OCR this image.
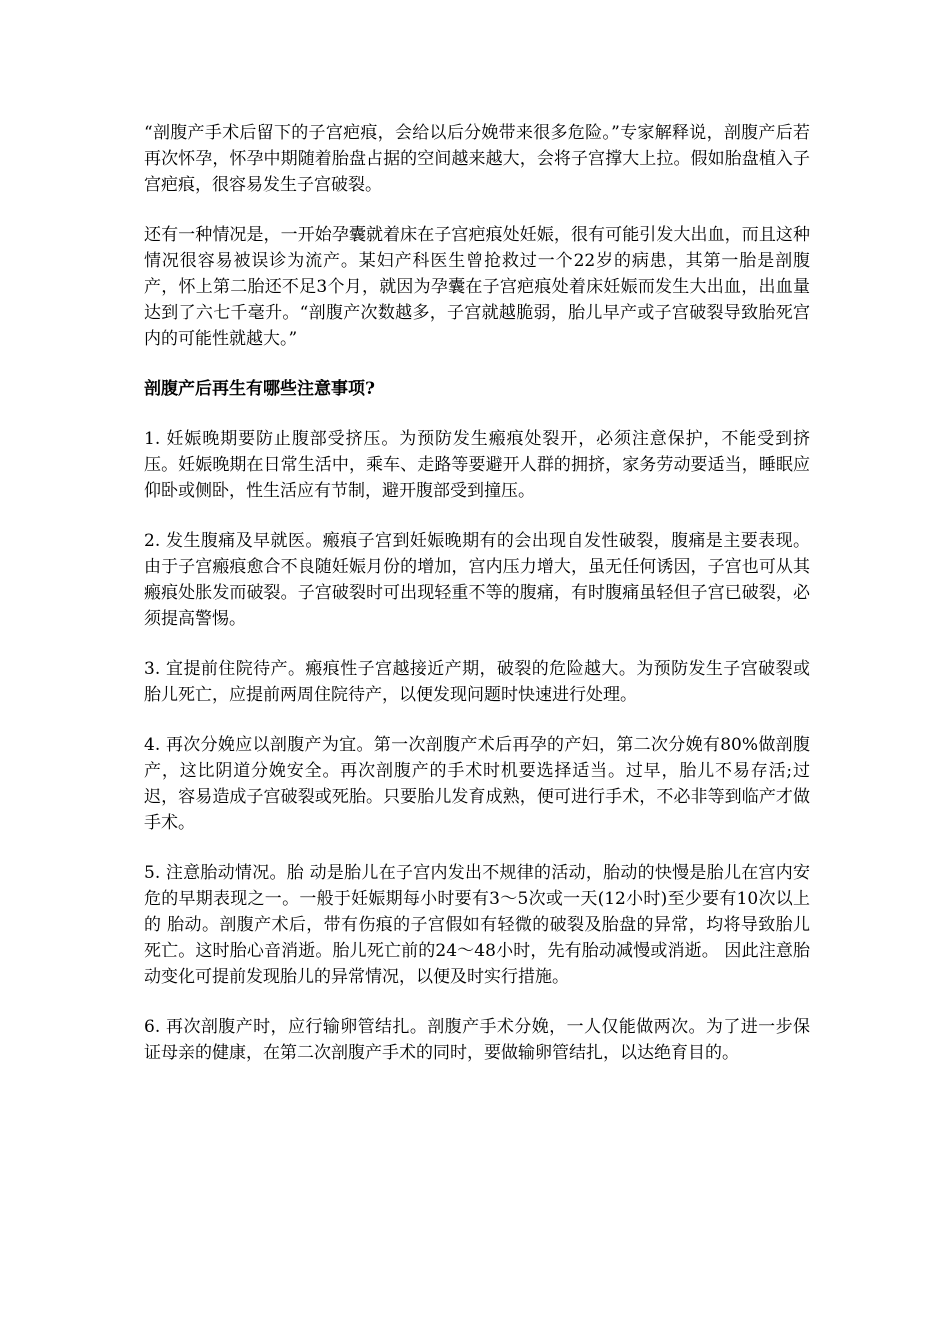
“剖腹产手术后留下的子宫疤痕，会给以后分娩带来很多危险。”专家解释说，剖腹产后若再次怀孕，怀孕中期随着胎盘占据的空间越来越大，会将子宫撑大上拉。假如胎盘植入子宫疤痕，很容易发生子宫破裂。

还有一种情况是，一开始孕囊就着床在子宫疤痕处妊娠，很有可能引发大出血，而且这种情况很容易被误诊为流产。某妇产科医生曾抢救过一个22岁的病患，其第一胎是剖腹产，怀上第二胎还不足3个月，就因为孕囊在子宫疤痕处着床妊娠而发生大出血，出血量达到了六七千毫升。“剖腹产次数越多，子宫就越脆弱，胎儿早产或子宫破裂导致胎死宫内的可能性就越大。”

剖腹产后再生有哪些注意事项?

1. 妊娠晚期要防止腹部受挤压。为预防发生瘢痕处裂开，必须注意保护，不能受到挤压。妊娠晚期在日常生活中，乘车、走路等要避开人群的拥挤，家务劳动要适当，睡眠应仰卧或侧卧，性生活应有节制，避开腹部受到撞压。

2. 发生腹痛及早就医。瘢痕子宫到妊娠晚期有的会出现自发性破裂，腹痛是主要表现。由于子宫瘢痕愈合不良随妊娠月份的增加，宫内压力增大，虽无任何诱因，子宫也可从其瘢痕处胀发而破裂。子宫破裂时可出现轻重不等的腹痛，有时腹痛虽轻但子宫已破裂，必须提高警惕。

3. 宜提前住院待产。瘢痕性子宫越接近产期，破裂的危险越大。为预防发生子宫破裂或胎儿死亡，应提前两周住院待产，以便发现问题时快速进行处理。

4. 再次分娩应以剖腹产为宜。第一次剖腹产术后再孕的产妇，第二次分娩有80%做剖腹产，这比阴道分娩安全。再次剖腹产的手术时机要选择适当。过早，胎儿不易存活;过迟，容易造成子宫破裂或死胎。只要胎儿发育成熟，便可进行手术，不必非等到临产才做手术。

5. 注意胎动情况。胎 动是胎儿在子宫内发出不规律的活动，胎动的快慢是胎儿在宫内安危的早期表现之一。一般于妊娠期每小时要有3～5次或一天(12小时)至少要有10次以上的 胎动。剖腹产术后，带有伤痕的子宫假如有轻微的破裂及胎盘的异常，均将导致胎儿死亡。这时胎心音消逝。胎儿死亡前的24～48小时，先有胎动减慢或消逝。 因此注意胎动变化可提前发现胎儿的异常情况，以便及时实行措施。

6. 再次剖腹产时，应行输卵管结扎。剖腹产手术分娩，一人仅能做两次。为了进一步保证母亲的健康，在第二次剖腹产手术的同时，要做输卵管结扎，以达绝育目的。
